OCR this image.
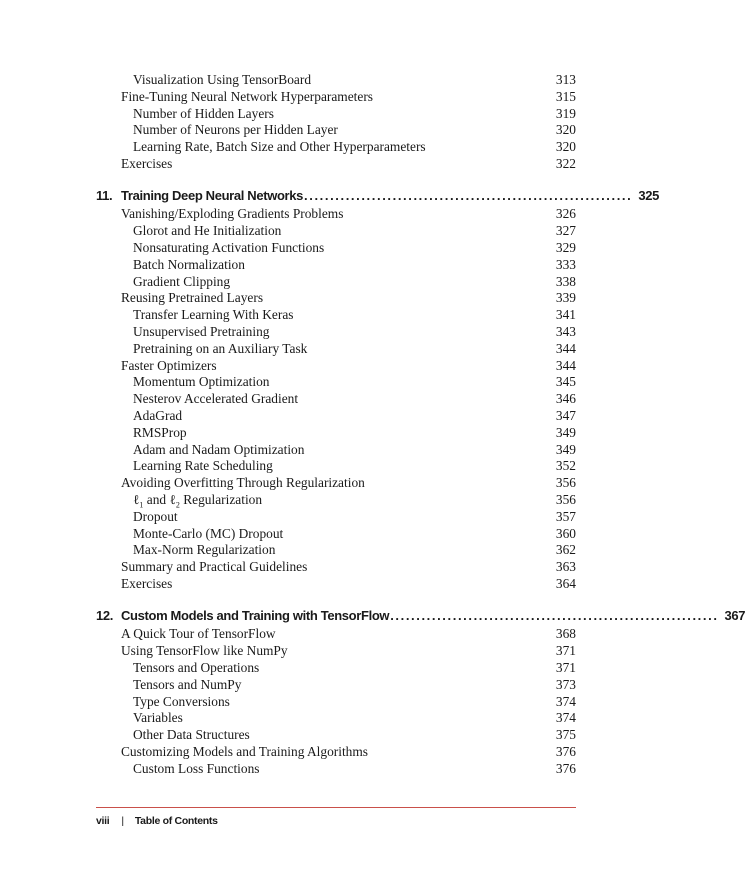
Visualization Using TensorBoard	313
Fine-Tuning Neural Network Hyperparameters	315
Number of Hidden Layers	319
Number of Neurons per Hidden Layer	320
Learning Rate, Batch Size and Other Hyperparameters	320
Exercises	322
11. Training Deep Neural Networks ............................................................... 325
Vanishing/Exploding Gradients Problems	326
Glorot and He Initialization	327
Nonsaturating Activation Functions	329
Batch Normalization	333
Gradient Clipping	338
Reusing Pretrained Layers	339
Transfer Learning With Keras	341
Unsupervised Pretraining	343
Pretraining on an Auxiliary Task	344
Faster Optimizers	344
Momentum Optimization	345
Nesterov Accelerated Gradient	346
AdaGrad	347
RMSProp	349
Adam and Nadam Optimization	349
Learning Rate Scheduling	352
Avoiding Overfitting Through Regularization	356
ℓ$_1$ and ℓ$_2$ Regularization	356
Dropout	357
Monte-Carlo (MC) Dropout	360
Max-Norm Regularization	362
Summary and Practical Guidelines	363
Exercises	364
12. Custom Models and Training with TensorFlow ............................................................... 367
A Quick Tour of TensorFlow	368
Using TensorFlow like NumPy	371
Tensors and Operations	371
Tensors and NumPy	373
Type Conversions	374
Variables	374
Other Data Structures	375
Customizing Models and Training Algorithms	376
Custom Loss Functions	376
viii | Table of Contents
